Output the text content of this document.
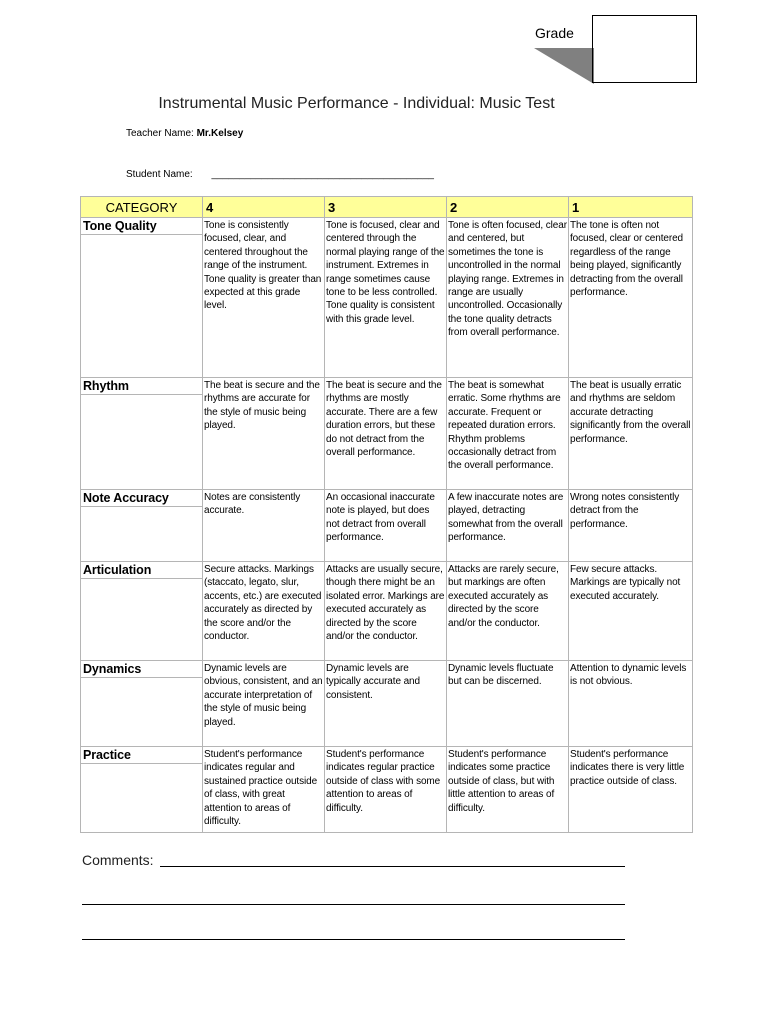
Grade
Instrumental Music Performance - Individual: Music Test
Teacher Name: Mr.Kelsey
Student Name: ________________________________________
CATEGORY	4	3	2	1

Tone Quality	Tone is consistently focused, clear, and centered throughout the range of the instrument. Tone quality is greater than expected at this grade level.	Tone is focused, clear and centered through the normal playing range of the instrument. Extremes in range sometimes cause tone to be less controlled. Tone quality is consistent with this grade level.	Tone is often focused, clear and centered, but sometimes the tone is uncontrolled in the normal playing range. Extremes in range are usually uncontrolled. Occasionally the tone quality detracts from overall performance.	The tone is often not focused, clear or centered regardless of the range being played, significantly detracting from the overall performance.

Rhythm	The beat is secure and the rhythms are accurate for the style of music being played.	The beat is secure and the rhythms are mostly accurate. There are a few duration errors, but these do not detract from the overall performance.	The beat is somewhat erratic. Some rhythms are accurate. Frequent or repeated duration errors. Rhythm problems occasionally detract from the overall performance.	The beat is usually erratic and rhythms are seldom accurate detracting significantly from the overall performance.

Note Accuracy	Notes are consistently accurate.	An occasional inaccurate note is played, but does not detract from overall performance.	A few inaccurate notes are played, detracting somewhat from the overall performance.	Wrong notes consistently detract from the performance.

Articulation	Secure attacks. Markings (staccato, legato, slur, accents, etc.) are executed accurately as directed by the score and/or the conductor.	Attacks are usually secure, though there might be an isolated error. Markings are executed accurately as directed by the score and/or the conductor.	Attacks are rarely secure, but markings are often executed accurately as directed by the score and/or the conductor.	Few secure attacks. Markings are typically not executed accurately.

Dynamics	Dynamic levels are obvious, consistent, and an accurate interpretation of the style of music being played.	Dynamic levels are typically accurate and consistent.	Dynamic levels fluctuate but can be discerned.	Attention to dynamic levels is not obvious.

Practice	Student's performance indicates regular and sustained practice outside of class, with great attention to areas of difficulty.	Student's performance indicates regular practice outside of class with some attention to areas of difficulty.	Student's performance indicates some practice outside of class, but with little attention to areas of difficulty.	Student's performance indicates there is very little practice outside of class.
Comments:
